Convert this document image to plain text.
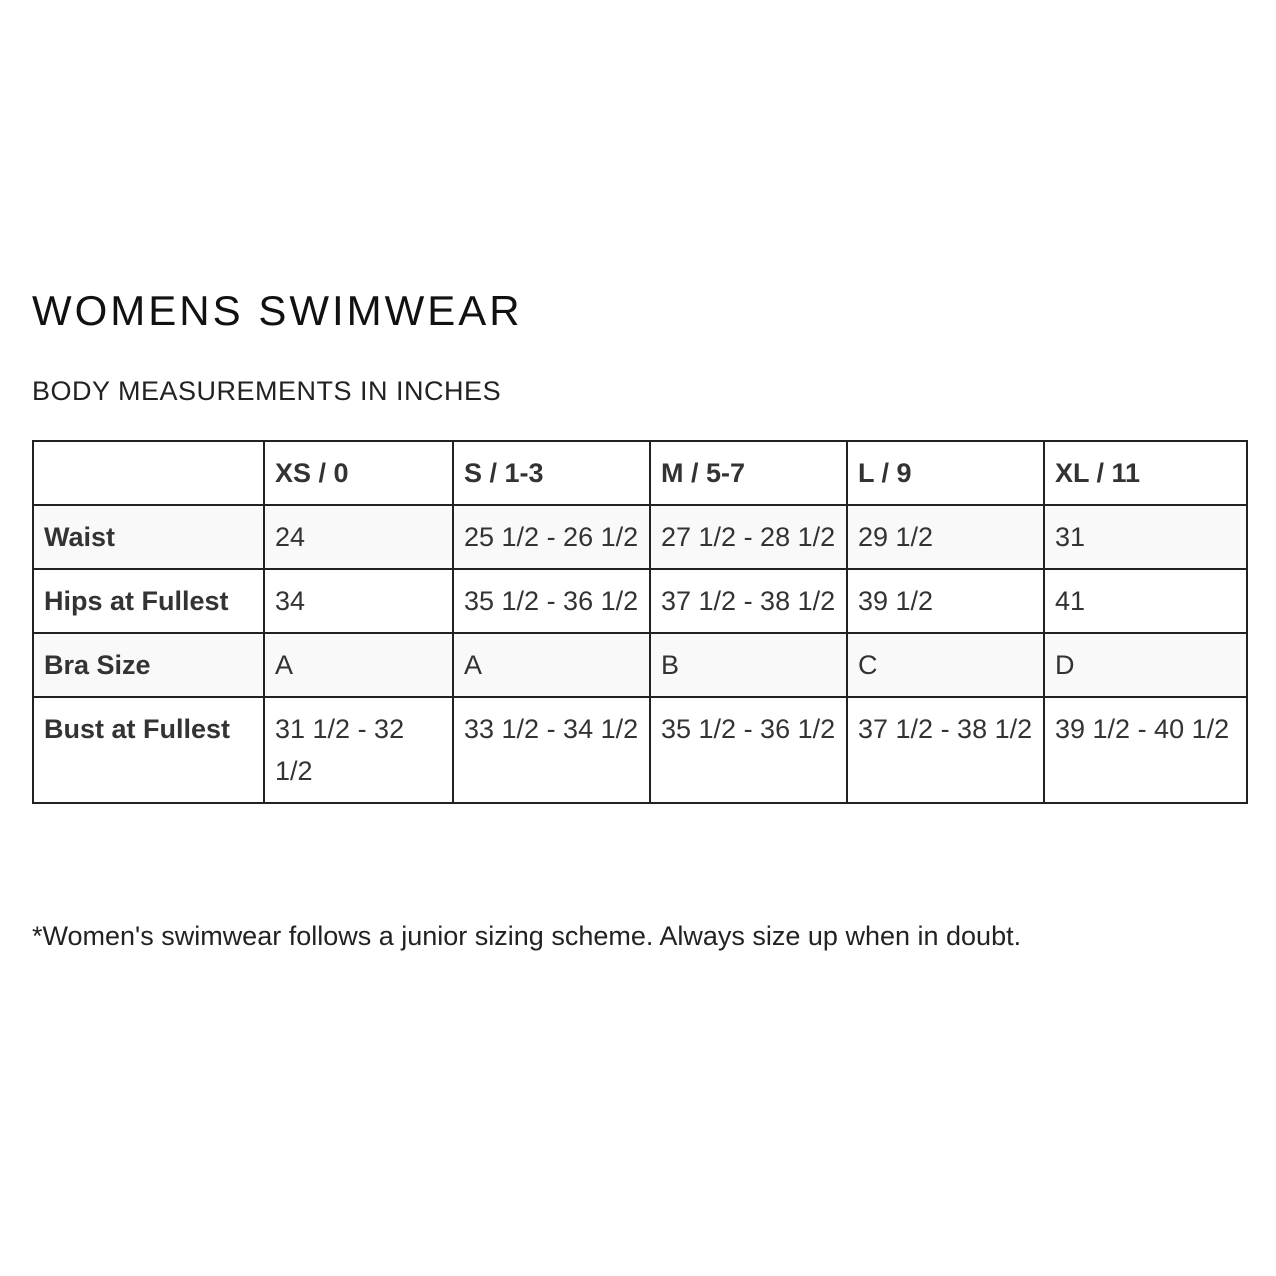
WOMENS SWIMWEAR
BODY MEASUREMENTS IN INCHES
	XS / 0	S / 1-3	M / 5-7	L / 9	XL / 11
Waist	24	25 1/2 - 26 1/2	27 1/2 - 28 1/2	29 1/2	31
Hips at Fullest	34	35 1/2 - 36 1/2	37 1/2 - 38 1/2	39 1/2	41
Bra Size	A	A	B	C	D
Bust at Fullest	31 1/2 - 32 1/2	33 1/2 - 34 1/2	35 1/2 - 36 1/2	37 1/2 - 38 1/2	39 1/2 - 40 1/2

*Women's swimwear follows a junior sizing scheme. Always size up when in doubt.
